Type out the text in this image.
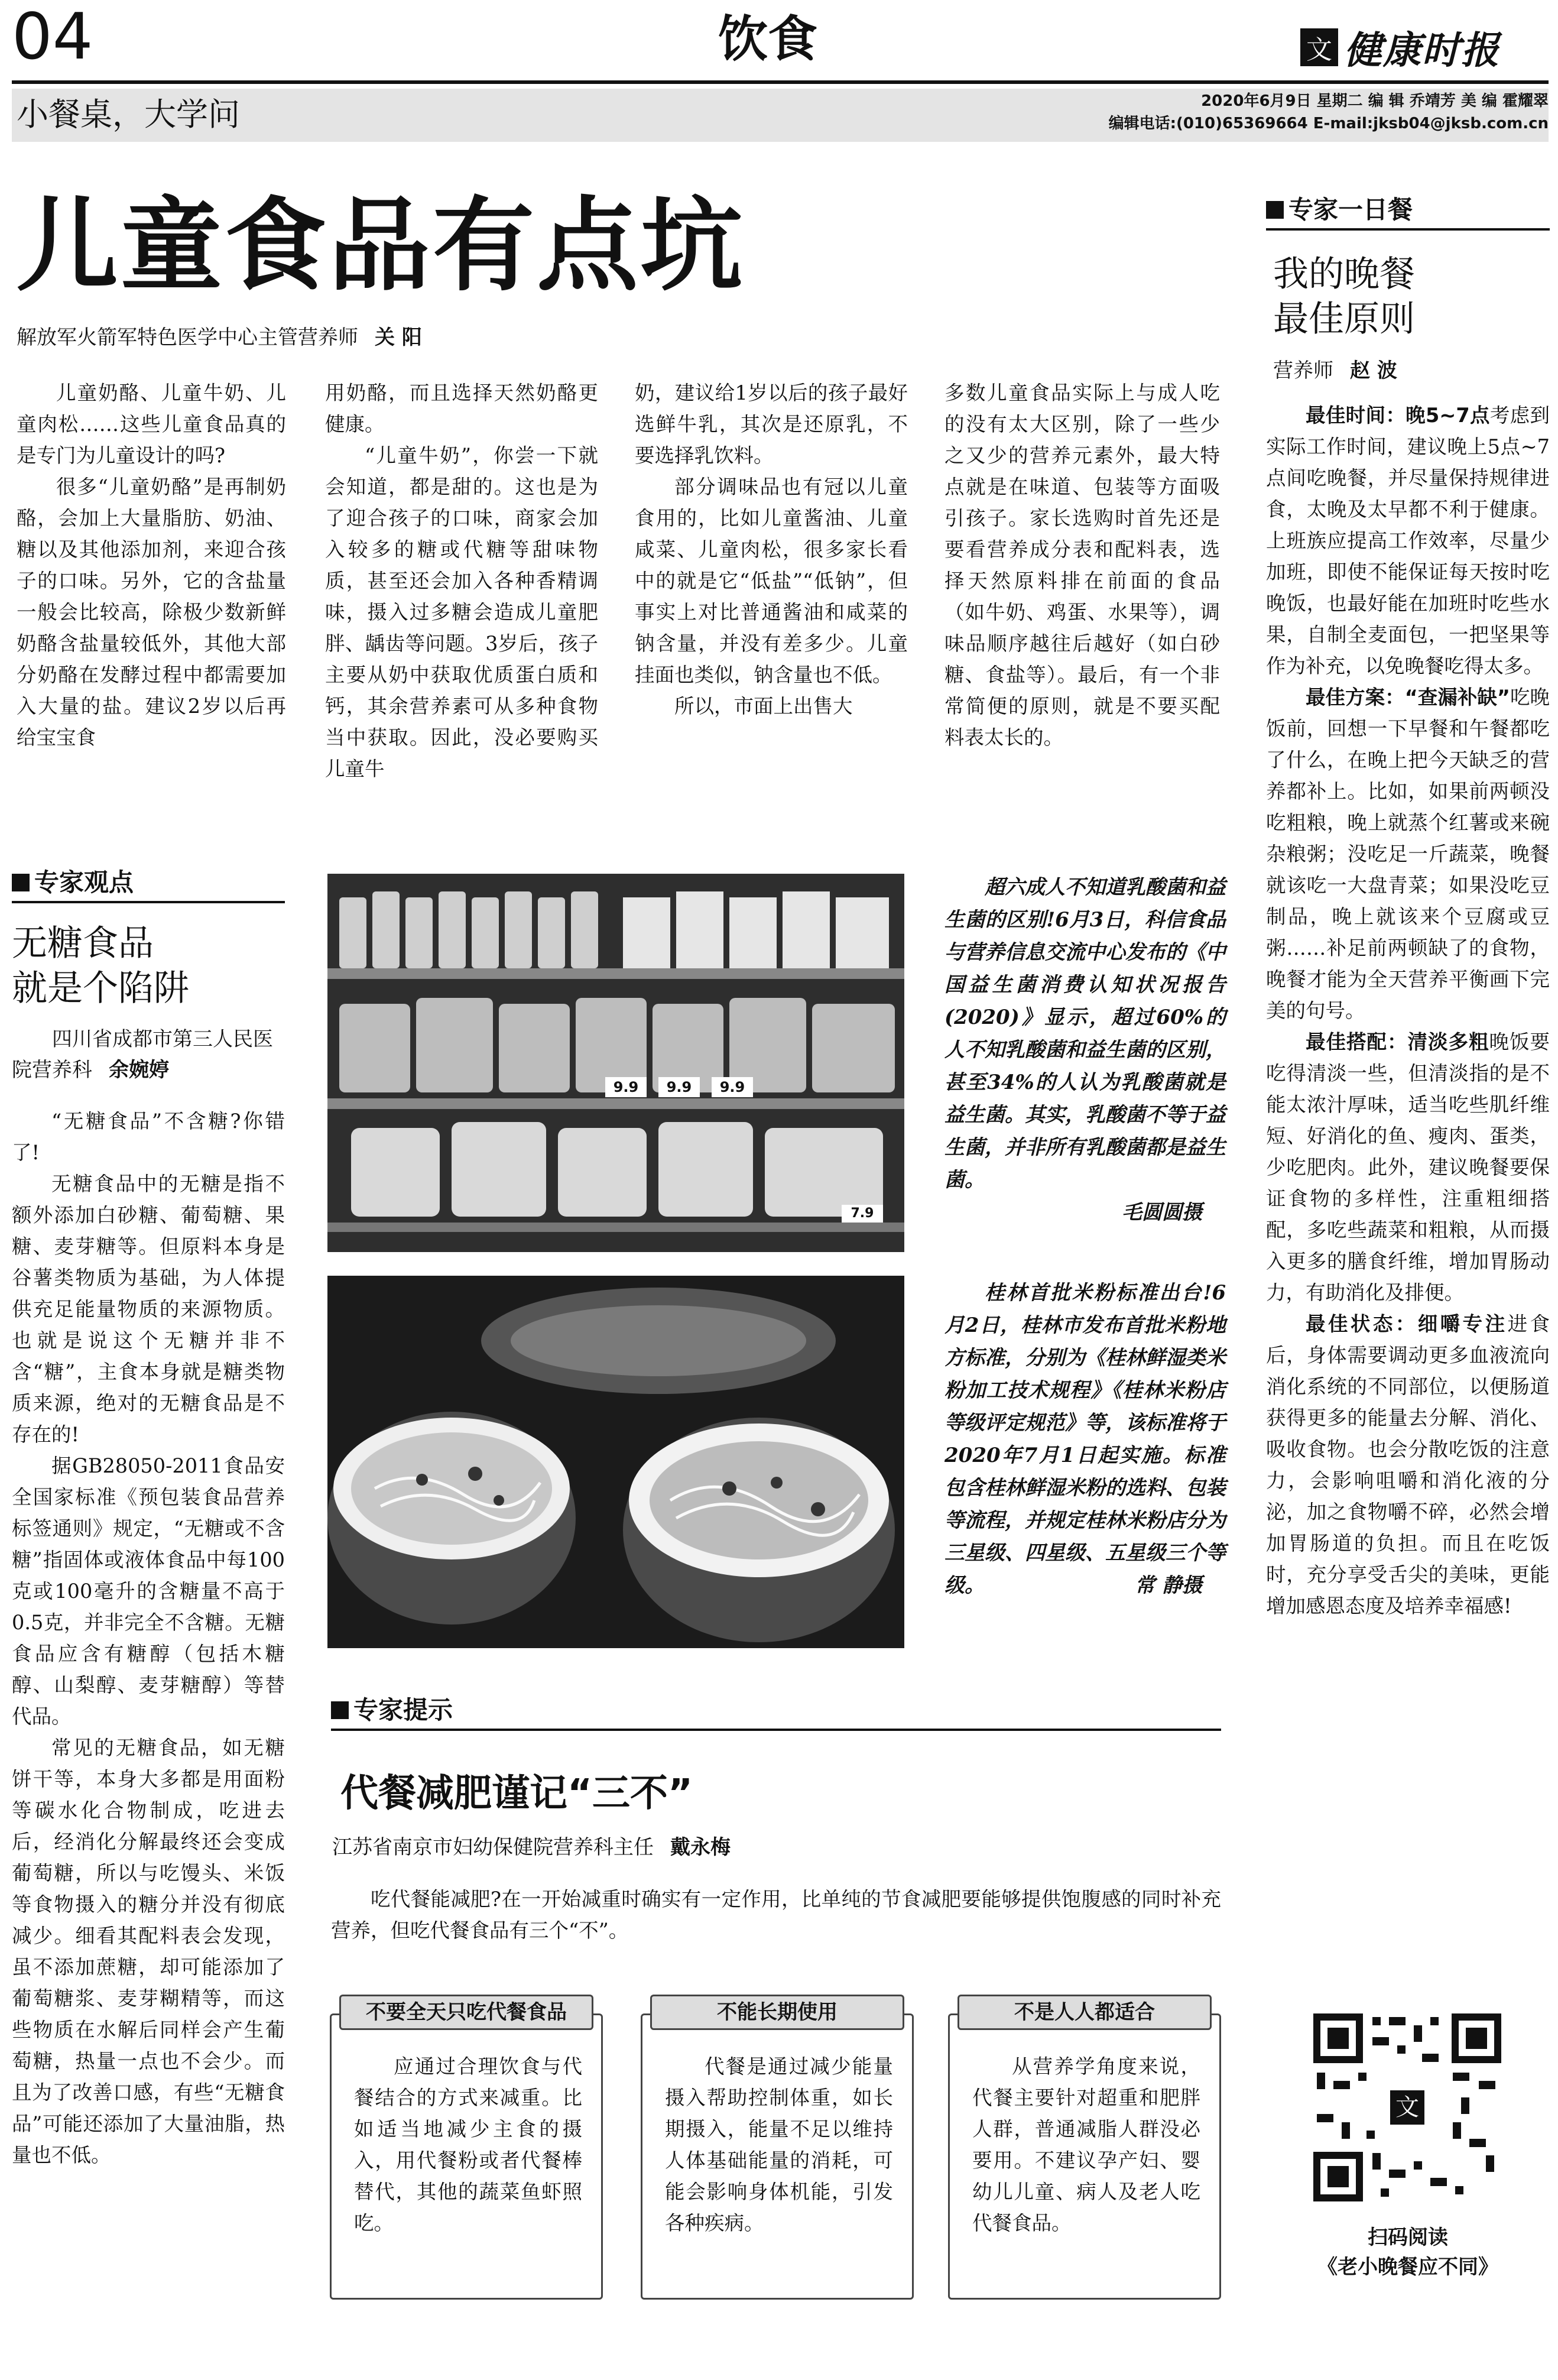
04	饮食	文 健康时报
小餐桌，大学问	2020年6月9日 星期二 编 辑 乔靖芳 美 编 霍耀翠
编辑电话:(010)65369664 E-mail:jksb04@jksb.com.cn
儿童食品有点坑
解放军火箭军特色医学中心主管营养师 关 阳

儿童奶酪、儿童牛奶、儿童肉松……这些儿童食品真的是专门为儿童设计的吗?

很多“儿童奶酪”是再制奶酪，会加上大量脂肪、奶油、糖以及其他添加剂，来迎合孩子的口味。另外，它的含盐量一般会比较高，除极少数新鲜奶酪含盐量较低外，其他大部分奶酪在发酵过程中都需要加入大量的盐。建议2岁以后再给宝宝食

用奶酪，而且选择天然奶酪更健康。

“儿童牛奶”，你尝一下就会知道，都是甜的。这也是为了迎合孩子的口味，商家会加入较多的糖或代糖等甜味物质，甚至还会加入各种香精调味，摄入过多糖会造成儿童肥胖、龋齿等问题。3岁后，孩子主要从奶中获取优质蛋白质和钙，其余营养素可从多种食物当中获取。因此，没必要购买儿童牛

奶，建议给1岁以后的孩子最好选鲜牛乳，其次是还原乳，不要选择乳饮料。

部分调味品也有冠以儿童食用的，比如儿童酱油、儿童咸菜、儿童肉松，很多家长看中的就是它“低盐”“低钠”，但事实上对比普通酱油和咸菜的钠含量，并没有差多少。儿童挂面也类似，钠含量也不低。

所以，市面上出售大

多数儿童食品实际上与成人吃的没有太大区别，除了一些少之又少的营养元素外，最大特点就是在味道、包装等方面吸引孩子。家长选购时首先还是要看营养成分表和配料表，选择天然原料排在前面的食品（如牛奶、鸡蛋、水果等），调味品顺序越往后越好（如白砂糖、食盐等）。最后，有一个非常简便的原则，就是不要买配料表太长的。

专家观点
无糖食品
就是个陷阱
四川省成都市第三人民医院营养科 余婉婷

“无糖食品”不含糖?你错了!

无糖食品中的无糖是指不额外添加白砂糖、葡萄糖、果糖、麦芽糖等。但原料本身是谷薯类物质为基础，为人体提供充足能量物质的来源物质。也就是说这个无糖并非不含“糖”，主食本身就是糖类物质来源，绝对的无糖食品是不存在的!

据GB28050-2011食品安全国家标准《预包装食品营养标签通则》规定，“无糖或不含糖”指固体或液体食品中每100克或100毫升的含糖量不高于0.5克，并非完全不含糖。无糖食品应含有糖醇（包括木糖醇、山梨醇、麦芽糖醇）等替代品。

常见的无糖食品，如无糖饼干等，本身大多都是用面粉等碳水化合物制成，吃进去后，经消化分解最终还会变成葡萄糖，所以与吃馒头、米饭等食物摄入的糖分并没有彻底减少。细看其配料表会发现，虽不添加蔗糖，却可能添加了葡萄糖浆、麦芽糊精等，而这些物质在水解后同样会产生葡萄糖，热量一点也不会少。而且为了改善口感，有些“无糖食品”可能还添加了大量油脂，热量也不低。

9.9	9.9	9.9
7.9

超六成人不知道乳酸菌和益生菌的区别!6月3日，科信食品与营养信息交流中心发布的《中国益生菌消费认知状况报告(2020)》显示，超过60%的人不知乳酸菌和益生菌的区别，甚至34%的人认为乳酸菌就是益生菌。其实，乳酸菌不等于益生菌，并非所有乳酸菌都是益生菌。

毛圆圆摄

桂林首批米粉标准出台!6月2日，桂林市发布首批米粉地方标准，分别为《桂林鲜湿类米粉加工技术规程》《桂林米粉店等级评定规范》等，该标准将于2020年7月1日起实施。标准包含桂林鲜湿米粉的选料、包装等流程，并规定桂林米粉店分为三星级、四星级、五星级三个等级。	常 静摄
专家提示
代餐减肥谨记“三不”
江苏省南京市妇幼保健院营养科主任 戴永梅

吃代餐能减肥?在一开始减重时确实有一定作用，比单纯的节食减肥要能够提供饱腹感的同时补充营养，但吃代餐食品有三个“不”。

应通过合理饮食与代餐结合的方式来减重。比如适当地减少主食的摄入，用代餐粉或者代餐棒替代，其他的蔬菜鱼虾照吃。

不要全天只吃代餐食品

代餐是通过减少能量摄入帮助控制体重，如长期摄入，能量不足以维持人体基础能量的消耗，可能会影响身体机能，引发各种疾病。

不能长期使用

从营养学角度来说，代餐主要针对超重和肥胖人群，普通减脂人群没必要用。不建议孕产妇、婴幼儿儿童、病人及老人吃代餐食品。

不是人人都适合
专家一日餐
我的晚餐
最佳原则
营养师 赵 波

最佳时间：晚5~7点考虑到实际工作时间，建议晚上5点~7点间吃晚餐，并尽量保持规律进食，太晚及太早都不利于健康。上班族应提高工作效率，尽量少加班，即使不能保证每天按时吃晚饭，也最好能在加班时吃些水果，自制全麦面包，一把坚果等作为补充，以免晚餐吃得太多。

最佳方案：“查漏补缺”吃晚饭前，回想一下早餐和午餐都吃了什么，在晚上把今天缺乏的营养都补上。比如，如果前两顿没吃粗粮，晚上就蒸个红薯或来碗杂粮粥；没吃足一斤蔬菜，晚餐就该吃一大盘青菜；如果没吃豆制品，晚上就该来个豆腐或豆粥……补足前两顿缺了的食物，晚餐才能为全天营养平衡画下完美的句号。

最佳搭配：清淡多粗晚饭要吃得清淡一些，但清淡指的是不能太浓汁厚味，适当吃些肌纤维短、好消化的鱼、瘦肉、蛋类，少吃肥肉。此外，建议晚餐要保证食物的多样性，注重粗细搭配，多吃些蔬菜和粗粮，从而摄入更多的膳食纤维，增加胃肠动力，有助消化及排便。

最佳状态：细嚼专注进食后，身体需要调动更多血液流向消化系统的不同部位，以便肠道获得更多的能量去分解、消化、吸收食物。也会分散吃饭的注意力，会影响咀嚼和消化液的分泌，加之食物嚼不碎，必然会增加胃肠道的负担。而且在吃饭时，充分享受舌尖的美味，更能增加感恩态度及培养幸福感!

文
扫码阅读
《老小晚餐应不同》
